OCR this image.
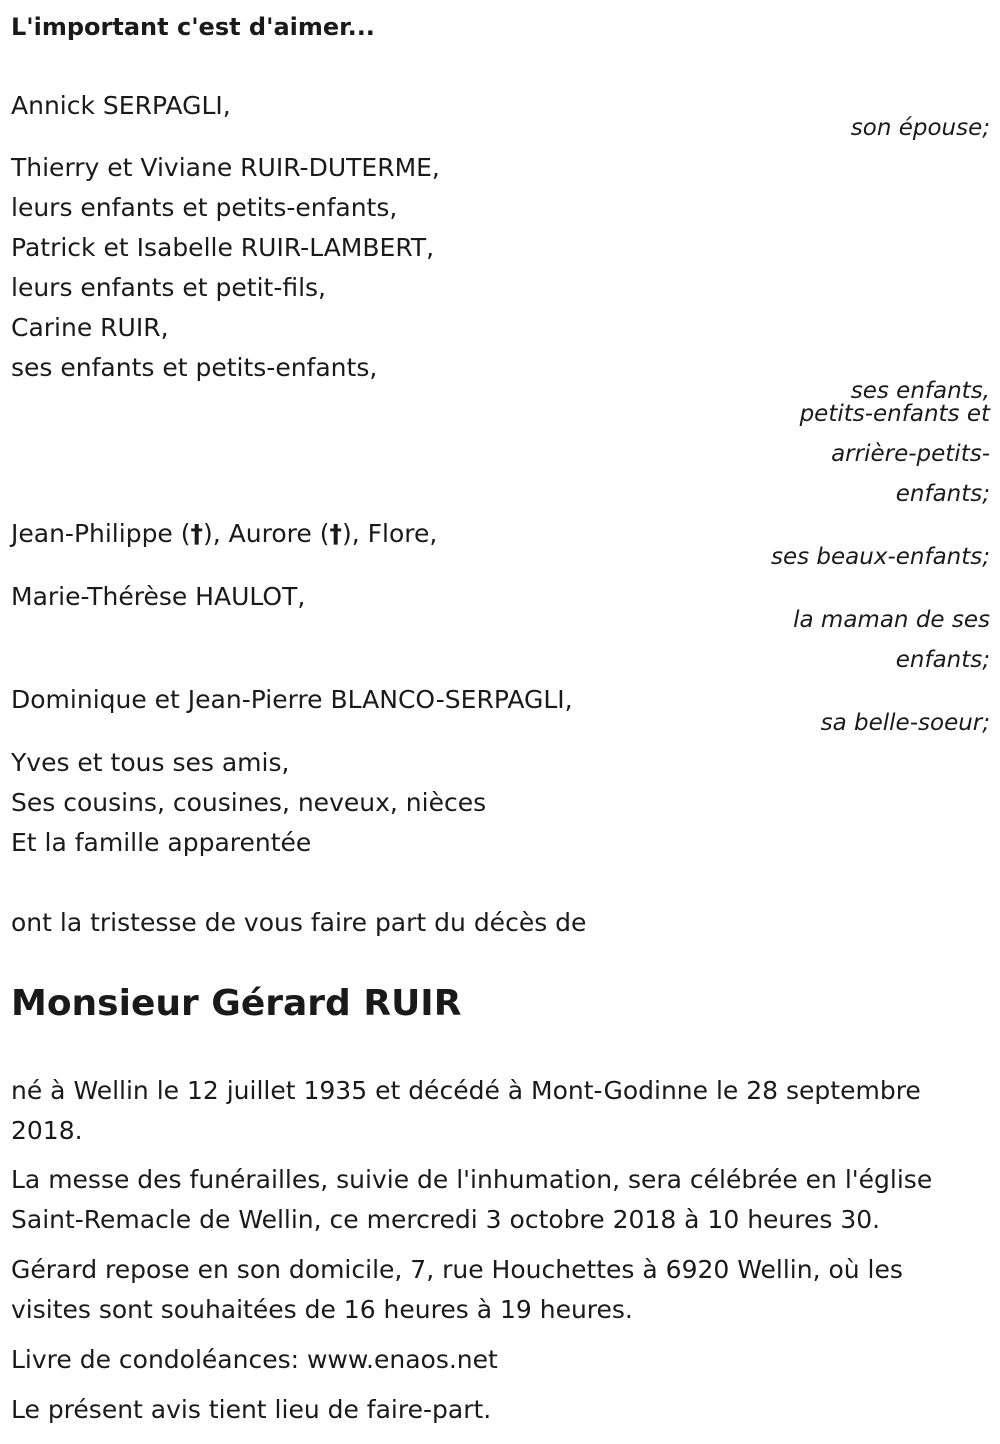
L'important c'est d'aimer...
Annick SERPAGLI,
son épouse;
Thierry et Viviane RUIR-DUTERME,
leurs enfants et petits-enfants,
Patrick et Isabelle RUIR-LAMBERT,
leurs enfants et petit-fils,
Carine RUIR,
ses enfants et petits-enfants,
ses enfants,
petits-enfants et
arrière-petits-
enfants;
Jean-Philippe (†), Aurore (†), Flore,
ses beaux-enfants;
Marie-Thérèse HAULOT,
la maman de ses
enfants;
Dominique et Jean-Pierre BLANCO-SERPAGLI,
sa belle-soeur;
Yves et tous ses amis,
Ses cousins, cousines, neveux, nièces
Et la famille apparentée
ont la tristesse de vous faire part du décès de
Monsieur Gérard RUIR
né à Wellin le 12 juillet 1935 et décédé à Mont-Godinne le 28 septembre 2018.
La messe des funérailles, suivie de l'inhumation, sera célébrée en l'église Saint-Remacle de Wellin, ce mercredi 3 octobre 2018 à 10 heures 30.
Gérard repose en son domicile, 7, rue Houchettes à 6920 Wellin, où les visites sont souhaitées de 16 heures à 19 heures.
Livre de condoléances: www.enaos.net
Le présent avis tient lieu de faire-part.
